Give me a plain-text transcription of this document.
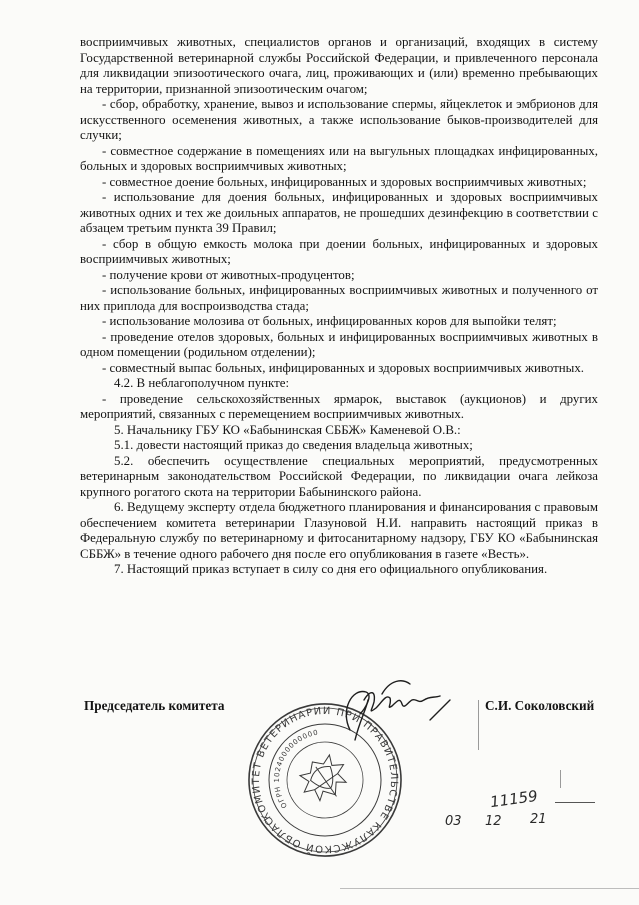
восприимчивых животных, специалистов органов и организаций, входящих в систему Государственной ветеринарной службы Российской Федерации, и привлеченного персонала для ликвидации эпизоотического очага, лиц, проживающих и (или) временно пребывающих на территории, признанной эпизоотическим очагом;

- сбор, обработку, хранение, вывоз и использование спермы, яйцеклеток и эмбрионов для искусственного осеменения животных, а также использование быков-производителей для случки;

- совместное содержание в помещениях или на выгульных площадках инфицированных, больных и здоровых восприимчивых животных;

- совместное доение больных, инфицированных и здоровых восприимчивых животных;

- использование для доения больных, инфицированных и здоровых восприимчивых животных одних и тех же доильных аппаратов, не прошедших дезинфекцию в соответствии с абзацем третьим пункта 39 Правил;

- сбор в общую емкость молока при доении больных, инфицированных и здоровых восприимчивых животных;

- получение крови от животных-продуцентов;

- использование больных, инфицированных восприимчивых животных и полученного от них приплода для воспроизводства стада;

- использование молозива от больных, инфицированных коров для выпойки телят;

- проведение отелов здоровых, больных и инфицированных восприимчивых животных в одном помещении (родильном отделении);

- совместный выпас больных, инфицированных и здоровых восприимчивых животных.

4.2. В неблагополучном пункте:

- проведение сельскохозяйственных ярмарок, выставок (аукционов) и других мероприятий, связанных с перемещением восприимчивых животных.

5. Начальнику ГБУ КО «Бабынинская СББЖ» Каменевой О.В.:

5.1. довести настоящий приказ до сведения владельца животных;

5.2. обеспечить осуществление специальных мероприятий, предусмотренных ветеринарным законодательством Российской Федерации, по ликвидации очага лейкоза крупного рогатого скота на территории Бабынинского района.

6. Ведущему эксперту отдела бюджетного планирования и финансирования с правовым обеспечением комитета ветеринарии Глазуновой Н.И. направить настоящий приказ в Федеральную службу по ветеринарному и фитосанитарному надзору, ГБУ КО «Бабынинская СББЖ» в течение одного рабочего дня после его опубликования в газете «Весть».

7. Настоящий приказ вступает в силу со дня его официального опубликования.

Председатель комитета	С.И. Соколовский
КОМИТЕТ ВЕТЕРИНАРИИ ПРИ ПРАВИТЕЛЬСТВЕ КАЛУЖСКОЙ ОБЛАСТИ
ОГРН 1024000000000
11159
03 12 21
